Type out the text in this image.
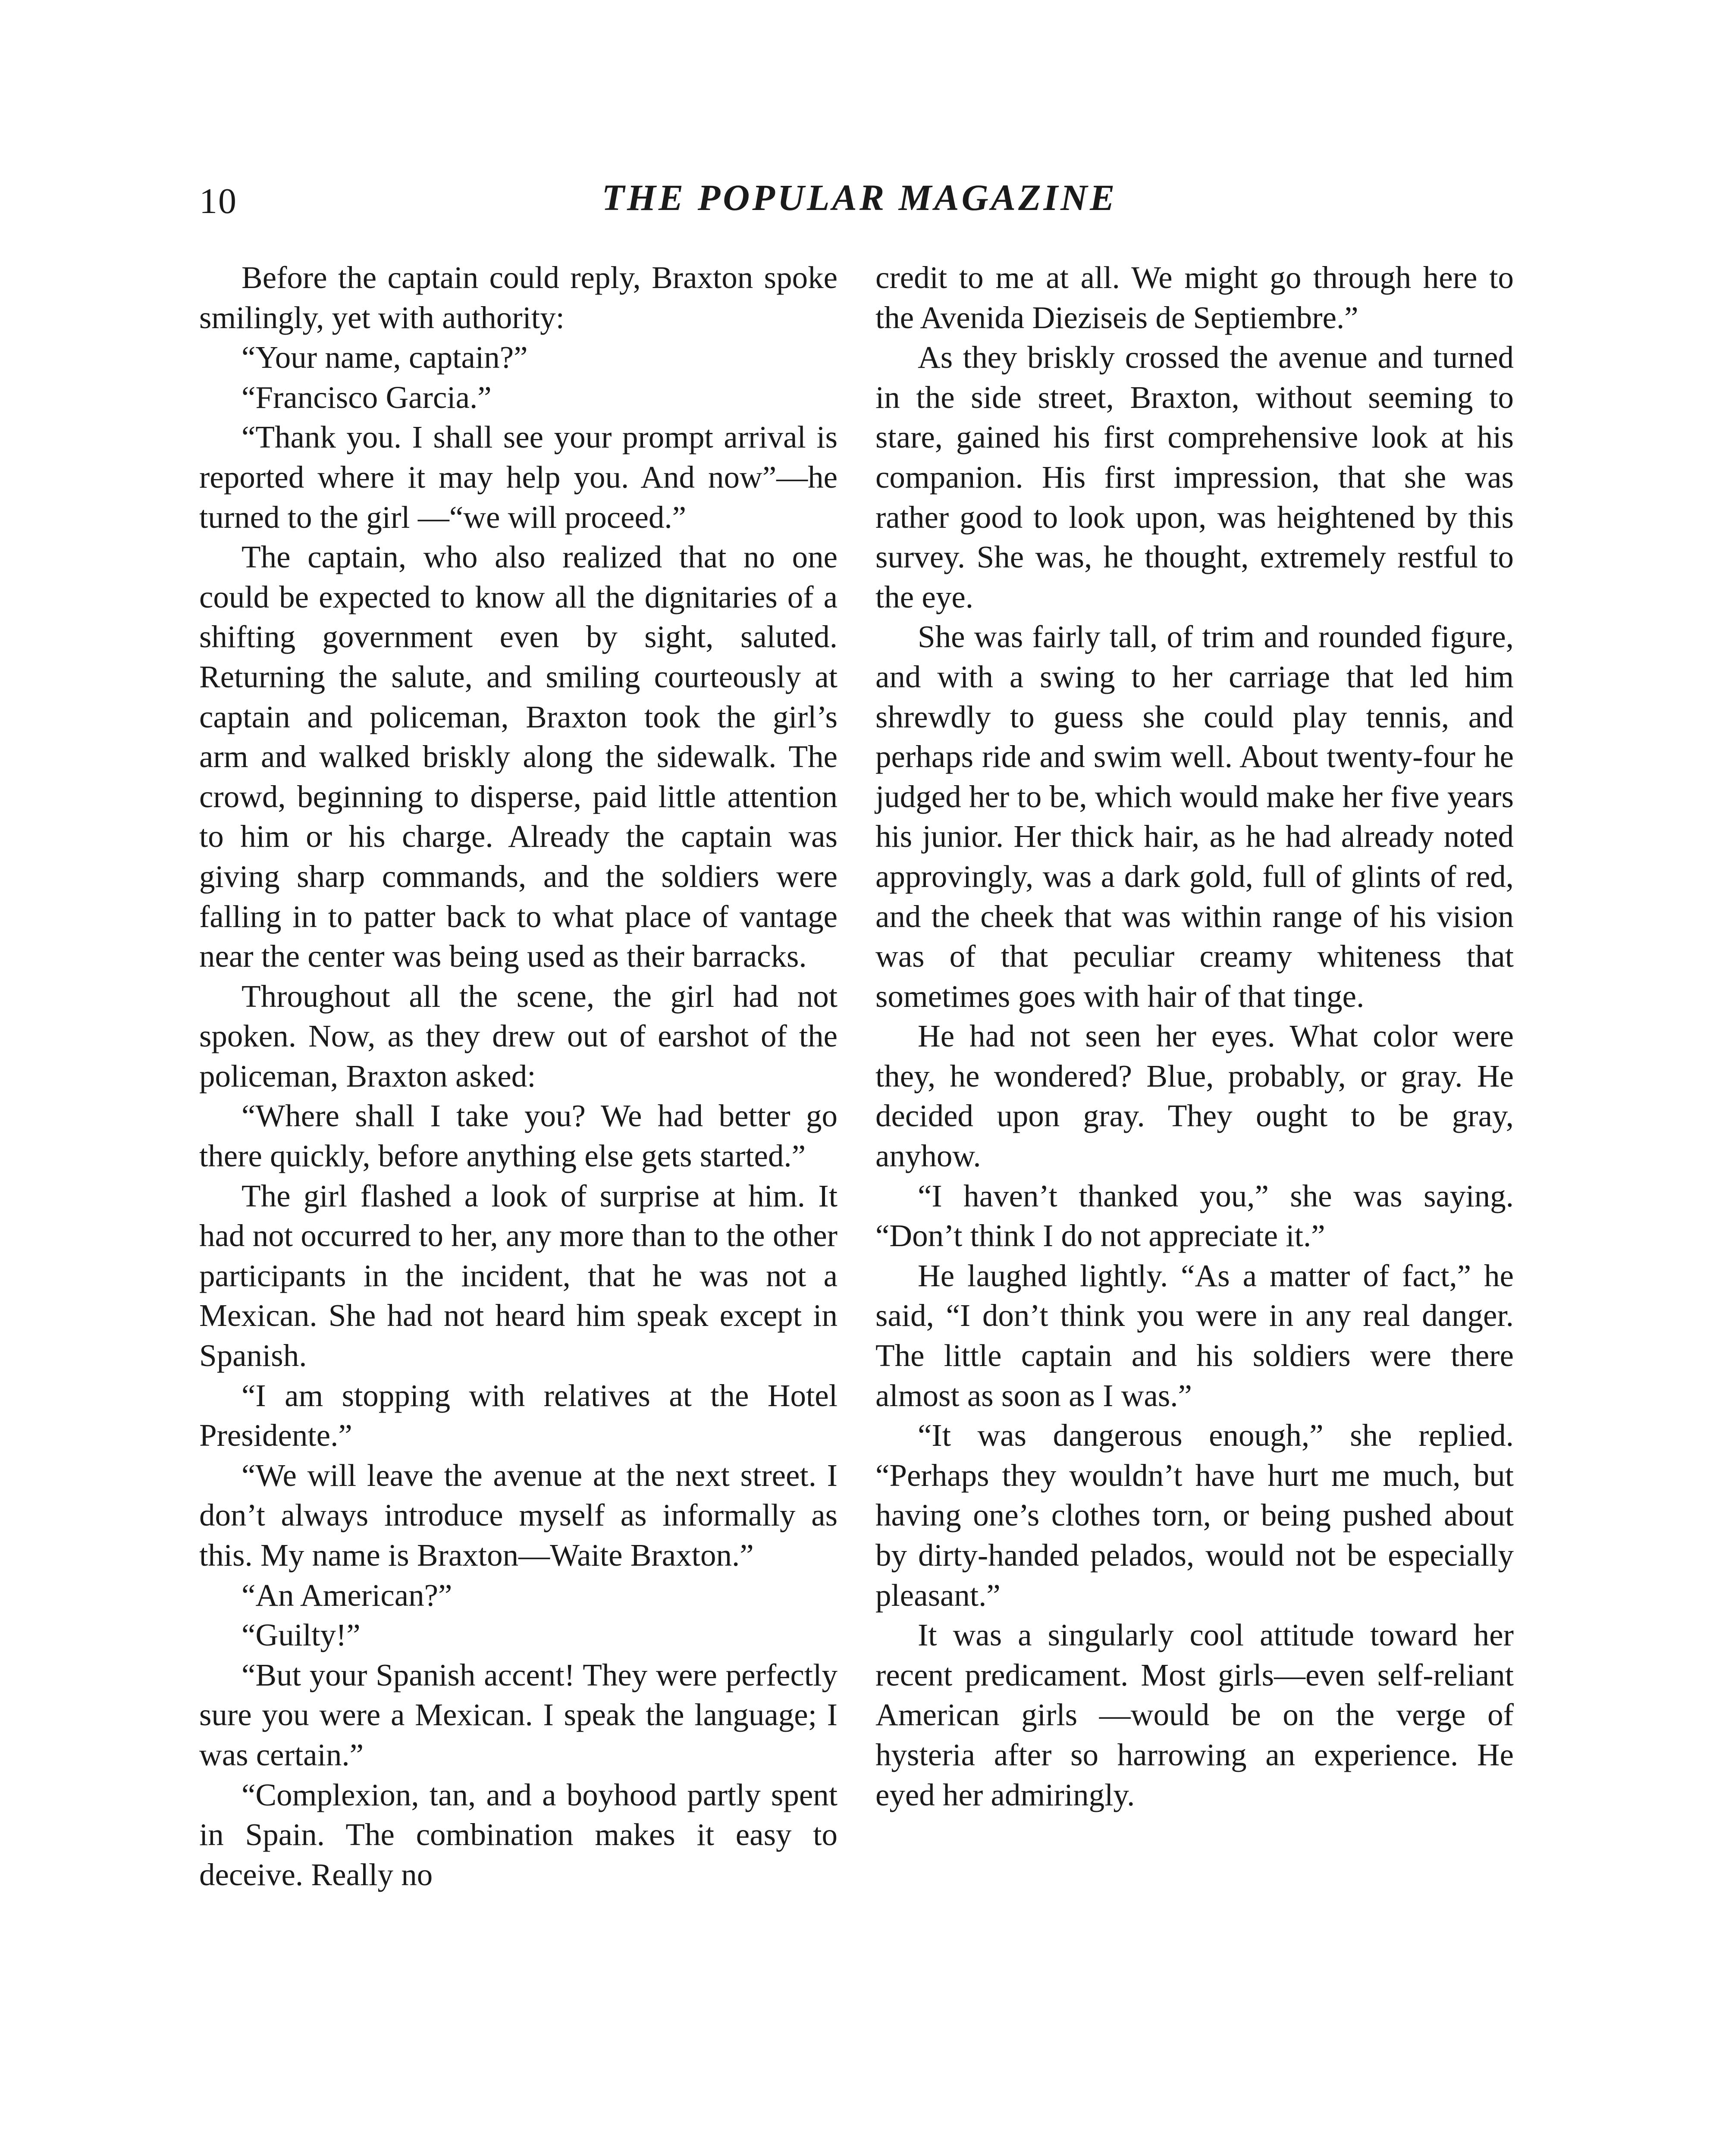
10	THE POPULAR MAGAZINE

Before the captain could reply, Braxton spoke smilingly, yet with authority:

“Your name, captain?”

“Francisco Garcia.”

“Thank you. I shall see your prompt arrival is reported where it may help you. And now”—he turned to the girl —“we will proceed.”

The captain, who also realized that no one could be expected to know all the dignitaries of a shifting government even by sight, saluted. Returning the salute, and smiling courteously at captain and policeman, Braxton took the girl’s arm and walked briskly along the sidewalk. The crowd, beginning to disperse, paid little attention to him or his charge. Already the captain was giving sharp commands, and the soldiers were falling in to patter back to what place of vantage near the center was being used as their barracks.

Throughout all the scene, the girl had not spoken. Now, as they drew out of earshot of the policeman, Braxton asked:

“Where shall I take you? We had better go there quickly, before anything else gets started.”

The girl flashed a look of surprise at him. It had not occurred to her, any more than to the other participants in the incident, that he was not a Mexican. She had not heard him speak except in Spanish.

“I am stopping with relatives at the Hotel Presidente.”

“We will leave the avenue at the next street. I don’t always introduce myself as informally as this. My name is Braxton—Waite Braxton.”

“An American?”

“Guilty!”

“But your Spanish accent! They were perfectly sure you were a Mexican. I speak the language; I was certain.”

“Complexion, tan, and a boyhood partly spent in Spain. The combination makes it easy to deceive. Really no

credit to me at all. We might go through here to the Avenida Dieziseis de Septiembre.”

As they briskly crossed the avenue and turned in the side street, Braxton, without seeming to stare, gained his first comprehensive look at his companion. His first impression, that she was rather good to look upon, was heightened by this survey. She was, he thought, extremely restful to the eye.

She was fairly tall, of trim and rounded figure, and with a swing to her carriage that led him shrewdly to guess she could play tennis, and perhaps ride and swim well. About twenty-four he judged her to be, which would make her five years his junior. Her thick hair, as he had already noted approvingly, was a dark gold, full of glints of red, and the cheek that was within range of his vision was of that peculiar creamy whiteness that sometimes goes with hair of that tinge.

He had not seen her eyes. What color were they, he wondered? Blue, probably, or gray. He decided upon gray. They ought to be gray, anyhow.

“I haven’t thanked you,” she was saying. “Don’t think I do not appreciate it.”

He laughed lightly. “As a matter of fact,” he said, “I don’t think you were in any real danger. The little captain and his soldiers were there almost as soon as I was.”

“It was dangerous enough,” she replied. “Perhaps they wouldn’t have hurt me much, but having one’s clothes torn, or being pushed about by dirty-handed pelados, would not be especially pleasant.”

It was a singularly cool attitude toward her recent predicament. Most girls—even self-reliant American girls —would be on the verge of hysteria after so harrowing an experience. He eyed her admiringly.
